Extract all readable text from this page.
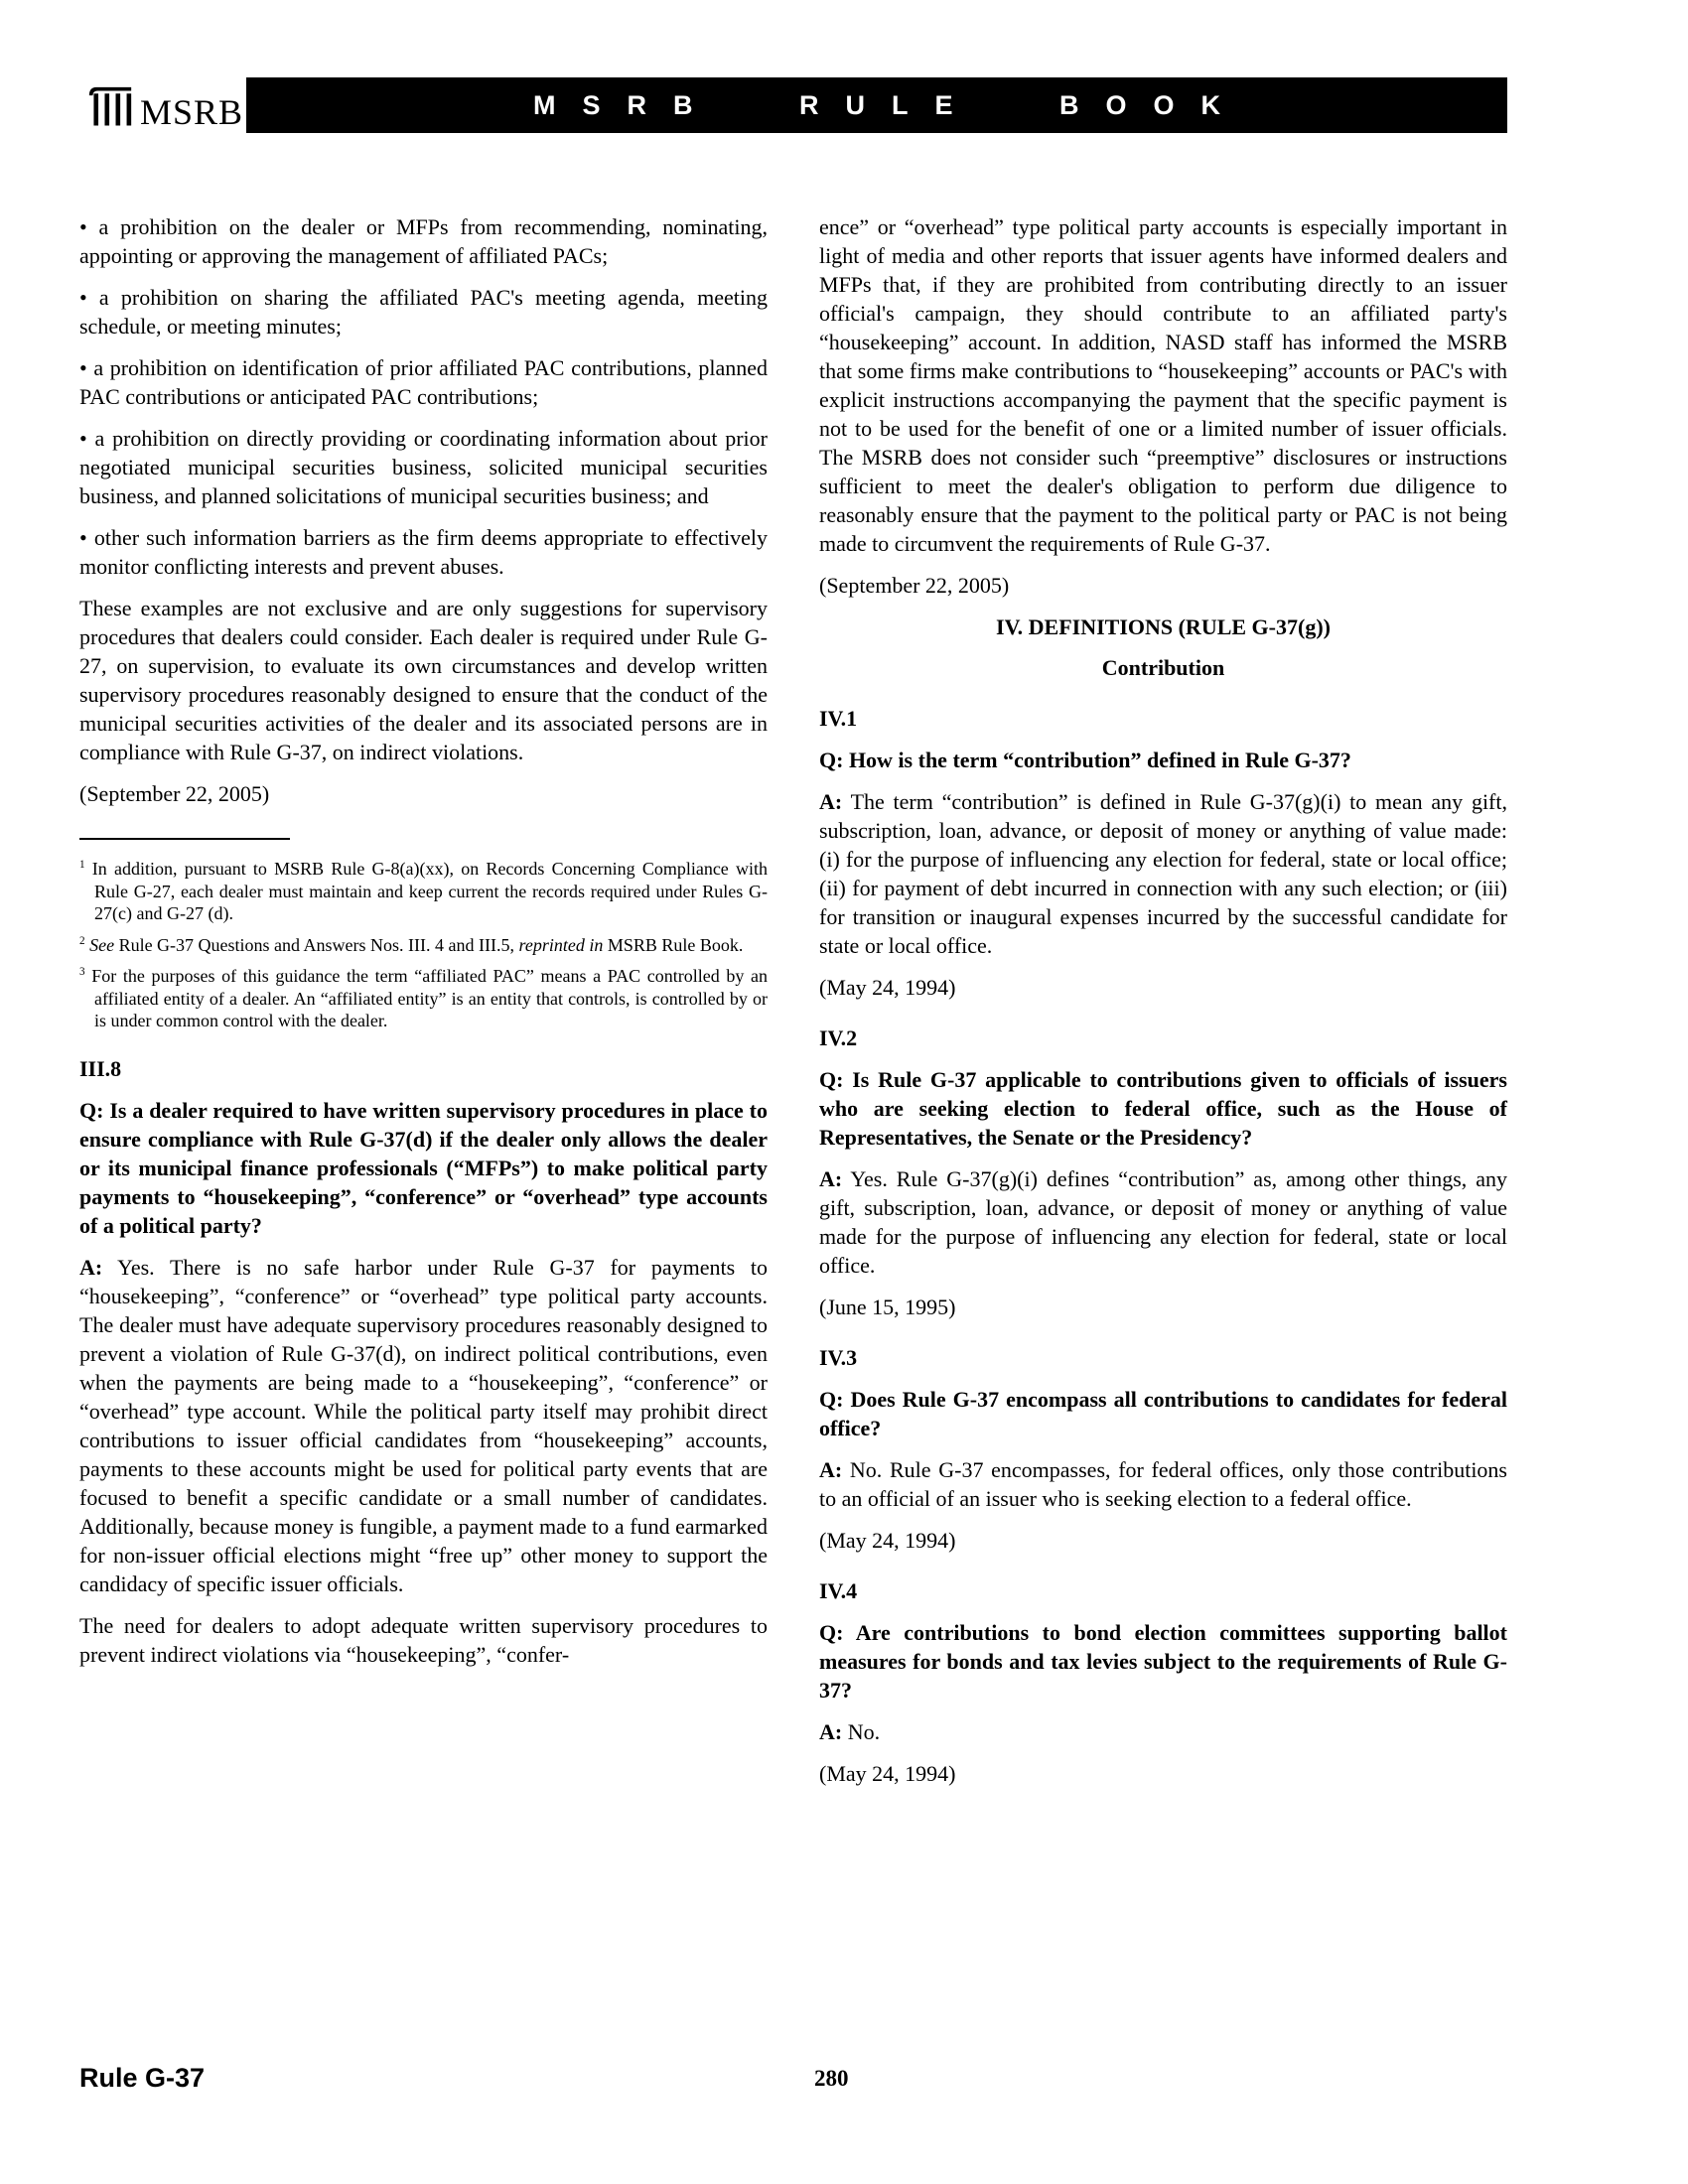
MSRB	MSRB RULE BOOK

• a prohibition on the dealer or MFPs from recommending, nominating, appointing or approving the management of affiliated PACs;

• a prohibition on sharing the affiliated PAC's meeting agenda, meeting schedule, or meeting minutes;

• a prohibition on identification of prior affiliated PAC contributions, planned PAC contributions or anticipated PAC contributions;

• a prohibition on directly providing or coordinating information about prior negotiated municipal securities business, solicited municipal securities business, and planned solicitations of municipal securities business; and

• other such information barriers as the firm deems appropriate to effectively monitor conflicting interests and prevent abuses.

These examples are not exclusive and are only suggestions for supervisory procedures that dealers could consider. Each dealer is required under Rule G-27, on supervision, to evaluate its own circumstances and develop written supervisory procedures reasonably designed to ensure that the conduct of the municipal securities activities of the dealer and its associated persons are in compliance with Rule G-37, on indirect violations.

(September 22, 2005)

$^1$ In addition, pursuant to MSRB Rule G-8(a)(xx), on Records Concerning Compliance with Rule G-27, each dealer must maintain and keep current the records required under Rules G-27(c) and G-27 (d).

$^2$ See Rule G-37 Questions and Answers Nos. III. 4 and III.5, reprinted in MSRB Rule Book.

$^3$ For the purposes of this guidance the term “affiliated PAC” means a PAC controlled by an affiliated entity of a dealer. An “affiliated entity” is an entity that controls, is controlled by or is under common control with the dealer.

III.8

Q: Is a dealer required to have written supervisory procedures in place to ensure compliance with Rule G-37(d) if the dealer only allows the dealer or its municipal finance professionals (“MFPs”) to make political party payments to “housekeeping”, “conference” or “overhead” type accounts of a political party?

A: Yes. There is no safe harbor under Rule G-37 for payments to “housekeeping”, “conference” or “overhead” type political party accounts. The dealer must have adequate supervisory procedures reasonably designed to prevent a violation of Rule G-37(d), on indirect political contributions, even when the payments are being made to a “housekeeping”, “conference” or “overhead” type account. While the political party itself may prohibit direct contributions to issuer official candidates from “housekeeping” accounts, payments to these accounts might be used for political party events that are focused to benefit a specific candidate or a small number of candidates. Additionally, because money is fungible, a payment made to a fund earmarked for non-issuer official elections might “free up” other money to support the candidacy of specific issuer officials.

The need for dealers to adopt adequate written supervisory procedures to prevent indirect violations via “housekeeping”, “confer-

ence” or “overhead” type political party accounts is especially important in light of media and other reports that issuer agents have informed dealers and MFPs that, if they are prohibited from contributing directly to an issuer official's campaign, they should contribute to an affiliated party's “housekeeping” account. In addition, NASD staff has informed the MSRB that some firms make contributions to “housekeeping” accounts or PAC's with explicit instructions accompanying the payment that the specific payment is not to be used for the benefit of one or a limited number of issuer officials. The MSRB does not consider such “preemptive” disclosures or instructions sufficient to meet the dealer's obligation to perform due diligence to reasonably ensure that the payment to the political party or PAC is not being made to circumvent the requirements of Rule G-37.

(September 22, 2005)

IV. DEFINITIONS (RULE G-37(g))
Contribution

IV.1

Q: How is the term “contribution” defined in Rule G-37?

A: The term “contribution” is defined in Rule G-37(g)(i) to mean any gift, subscription, loan, advance, or deposit of money or anything of value made: (i) for the purpose of influencing any election for federal, state or local office; (ii) for payment of debt incurred in connection with any such election; or (iii) for transition or inaugural expenses incurred by the successful candidate for state or local office.

(May 24, 1994)

IV.2

Q: Is Rule G-37 applicable to contributions given to officials of issuers who are seeking election to federal office, such as the House of Representatives, the Senate or the Presidency?

A: Yes. Rule G-37(g)(i) defines “contribution” as, among other things, any gift, subscription, loan, advance, or deposit of money or anything of value made for the purpose of influencing any election for federal, state or local office.

(June 15, 1995)

IV.3

Q: Does Rule G-37 encompass all contributions to candidates for federal office?

A: No. Rule G-37 encompasses, for federal offices, only those contributions to an official of an issuer who is seeking election to a federal office.

(May 24, 1994)

IV.4

Q: Are contributions to bond election committees supporting ballot measures for bonds and tax levies subject to the requirements of Rule G-37?

A: No.

(May 24, 1994)

Rule G-37	280
